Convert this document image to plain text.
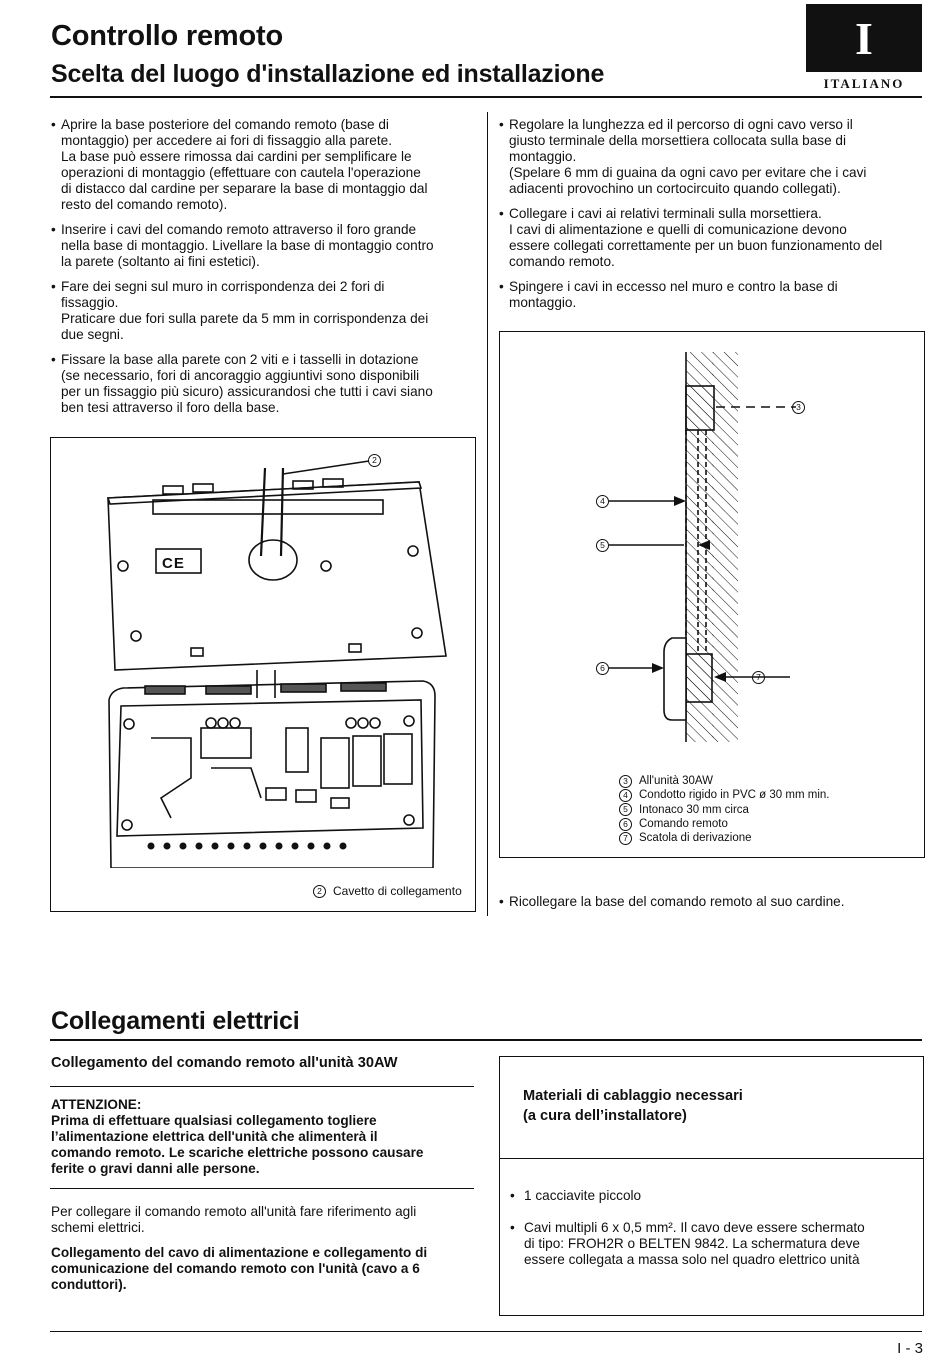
Controllo remoto
Scelta del luogo d'installazione ed installazione
I
ITALIANO
• Aprire la base posteriore del comando remoto (base di
montaggio) per accedere ai fori di fissaggio alla parete.
La base può essere rimossa dai cardini per semplificare le
operazioni di montaggio (effettuare con cautela l'operazione
di distacco dal cardine per separare la base di montaggio dal
resto del comando remoto).
• Inserire i cavi del comando remoto attraverso il foro grande
nella base di montaggio. Livellare la base di montaggio contro
la parete (soltanto ai fini estetici).
• Fare dei segni sul muro in corrispondenza dei 2 fori di
fissaggio.
Praticare due fori sulla parete da 5 mm in corrispondenza dei
due segni.
• Fissare la base alla parete con 2 viti e i tasselli in dotazione
(se necessario, fori di ancoraggio aggiuntivi sono disponibili
per un fissaggio più sicuro) assicurandosi che tutti i cavi siano
ben tesi attraverso il foro della base.
• Regolare la lunghezza ed il percorso di ogni cavo verso il
giusto terminale della morsettiera collocata sulla base di
montaggio.
(Spelare 6 mm di guaina da ogni cavo per evitare che i cavi
adiacenti provochino un cortocircuito quando collegati).
• Collegare i cavi ai relativi terminali sulla morsettiera.
I cavi di alimentazione e quelli di comunicazione devono
essere collegati correttamente per un buon funzionamento del
comando remoto.
• Spingere i cavi in eccesso nel muro e contro la base di
montaggio.
2
CE
2 Cavetto di collegamento
3
4
5
6
7
3 All'unità 30AW
4 Condotto rigido in PVC ø 30 mm min.
5 Intonaco 30 mm circa
6 Comando remoto
7 Scatola di derivazione
• Ricollegare la base del comando remoto al suo cardine.
Collegamenti elettrici
Collegamento del comando remoto all'unità 30AW
ATTENZIONE:
Prima di effettuare qualsiasi collegamento togliere
l’alimentazione elettrica dell'unità che alimenterà il
comando remoto. Le scariche elettriche possono causare
ferite o gravi danni alle persone.
Per collegare il comando remoto all'unità fare riferimento agli
schemi elettrici.
Collegamento del cavo di alimentazione e collegamento di
comunicazione del comando remoto con l'unità (cavo a 6
conduttori).
Materiali di cablaggio necessari
(a cura dell’installatore)
• 1 cacciavite piccolo
• Cavi multipli 6 x 0,5 mm². Il cavo deve essere schermato
di tipo: FROH2R o BELTEN 9842. La schermatura deve
essere collegata a massa solo nel quadro elettrico unità
I - 3
